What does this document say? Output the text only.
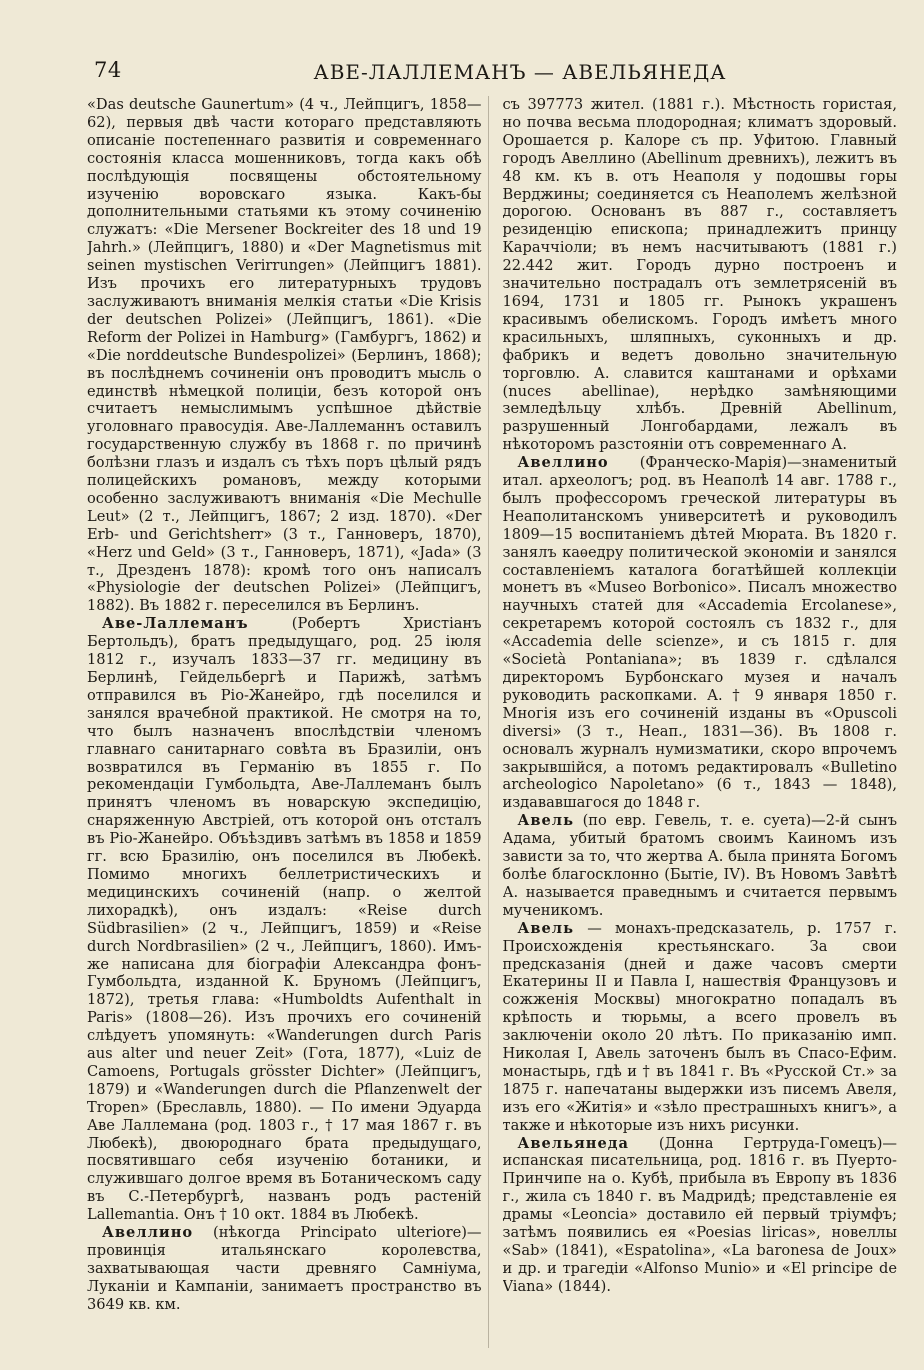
74	АВЕ-ЛАЛЛЕМАНЪ — АВЕЛЬЯНЕДА

«Das deutsche Gaunertum» (4 ч., Лейпцигъ, 1858—62), первыя двѣ части котораго представляють описаніе постепеннаго развитія и современнаго состоянія класса мошенниковъ, тогда какъ обѣ послѣдующія посвящены обстоятельному изученію воровскаго языка. Какъ-бы дополнительными статьями къ этому сочиненію служатъ: «Die Mersener Bockreiter des 18 und 19 Jahrh.» (Лейпцигъ, 1880) и «Der Magnetismus mit seinen mystischen Verirrungen» (Лейпцигъ 1881). Изъ прочихъ его литературныхъ трудовъ заслуживаютъ вниманія мелкія статьи «Die Krisis der deutschen Polizei» (Лейпцигъ, 1861). «Die Reform der Polizei in Hamburg» (Гамбургъ, 1862) и «Die norddeutsche Bundespolizei» (Берлинъ, 1868); въ послѣднемъ сочиненіи онъ проводитъ мысль о единствѣ нѣмецкой полиціи, безъ которой онъ считаетъ немыслимымъ успѣшное дѣйствіе уголовнаго правосудія. Аве-Лаллеманнъ оставилъ государственную службу въ 1868 г. по причинѣ болѣзни глазъ и издалъ съ тѣхъ поръ цѣлый рядъ полицейскихъ романовъ, между которыми особенно заслуживаютъ вниманія «Die Mechulle Leut» (2 т., Лейпцигъ, 1867; 2 изд. 1870). «Der Erb- und Gerichtsherr» (3 т., Ганноверъ, 1870), «Herz und Geld» (3 т., Ганноверъ, 1871), «Jada» (3 т., Дрезденъ 1878): кромѣ того онъ написалъ «Physiologie der deutschen Polizei» (Лейпцигъ, 1882). Въ 1882 г. переселился въ Берлинъ.

Аве-Лаллеманъ	(Робертъ Христіанъ Бертольдъ), братъ предыдущаго, род. 25 іюля 1812 г., изучалъ 1833—37 гг. медицину въ Берлинѣ, Гейдельбергѣ и Парижѣ, затѣмъ отправился въ Ріо-Жанейро, гдѣ поселился и занялся врачебной практикой. Не смотря на то, что былъ назначенъ впослѣдствіи членомъ главнаго санитарнаго совѣта въ Бразиліи, онъ возвратился въ Германію въ 1855 г. По рекомендаціи Гумбольдта, Аве-Лаллеманъ былъ принятъ членомъ въ новарскую экспедицію, снаряженную Австріей, отъ которой онъ отсталъ въ Ріо-Жанейро. Объѣздивъ затѣмъ въ 1858 и 1859 гг. всю Бразилію, онъ поселился въ Любекѣ. Помимо многихъ беллетристическихъ и медицинскихъ сочиненій (напр. о желтой лихорадкѣ), онъ издалъ: «Reise durch Südbrasilien» (2 ч., Лейпцигъ, 1859) и «Reise durch Nordbrasilien» (2 ч., Лейпцигъ, 1860). Имъ-же написана для біографіи Александра фонъ-Гумбольдта, изданной К. Бруномъ (Лейпцигъ, 1872), третья глава: «Humboldts Aufenthalt in Paris» (1808—26). Изъ прочихъ его сочиненій слѣдуетъ упомянуть: «Wanderungen durch Paris aus alter und neuer Zeit» (Гота, 1877), «Luiz de Camoens, Portugals grösster Dichter» (Лейпцигъ, 1879) и «Wanderungen durch die Pflanzenwelt der Tropen» (Бреславль, 1880). — По имени Эдуарда Аве Лаллемана (род. 1803 г., † 17 мая 1867 г. въ Любекѣ), двоюроднаго брата предыдущаго, посвятившаго себя изученію ботаники, и служившаго долгое время въ Ботаническомъ саду въ С.-Петербургѣ, названъ родъ растеній Lallemantia. Онъ † 10 окт. 1884 въ Любекѣ.

Авеллино (нѣкогда Principato ulteriore)— провинція итальянскаго королевства, захватывающая части древняго Самніума, Луканіи и Кампаніи, занимаетъ пространство въ 3649 кв. км.

съ 397773 жител. (1881 г.). Мѣстность гористая, но почва весьма плодородная; климатъ здоровый. Орошается р. Калоре съ пр. Уфитою. Главный городъ Авеллино (Abellinum древнихъ), лежитъ въ 48 км. къ в. отъ Неаполя у подошвы горы Верджины; соединяется съ Неаполемъ желѣзной дорогою. Основанъ въ 887 г., составляетъ резиденцію епископа; принадлежитъ принцу Караччіоли; въ немъ насчитываютъ (1881 г.) 22.442 жит. Городъ дурно построенъ и значительно пострадалъ отъ землетрясеній въ 1694, 1731 и 1805 гг. Рынокъ украшенъ красивымъ обелискомъ. Городъ имѣетъ много красильныхъ, шляпныхъ, суконныхъ и др. фабрикъ и ведетъ довольно значительную торговлю. А. славится каштанами и орѣхами (nuces abellinae), нерѣдко замѣняющими земледѣльцу хлѣбъ. Древній Abellinum, разрушенный Лонгобардами, лежалъ въ нѣкоторомъ разстояніи отъ современнаго А.

Авеллино (Франческо-Марія)—знаменитый итал. археологъ; род. въ Неаполѣ 14 авг. 1788 г., былъ профессоромъ греческой литературы въ Неаполитанскомъ университетѣ и руководилъ 1809—15 воспитаніемъ дѣтей Мюрата. Въ 1820 г. занялъ каѳедру политической экономіи и занялся составленіемъ каталога богатѣйшей коллекціи монетъ въ «Museo Borbonico». Писалъ множество научныхъ статей для «Accademia Ercolanese», секретаремъ которой состоялъ съ 1832 г., для «Accademia delle scienze», и съ 1815 г. для «Società Pontaniana»; въ 1839 г. сдѣлался директоромъ Бурбонскаго музея и началъ руководить раскопками. А. † 9 января 1850 г. Многія изъ его сочиненій изданы въ «Opuscoli diversi» (3 т., Неап., 1831—36). Въ 1808 г. основалъ журналъ нумизматики, скоро впрочемъ закрывшійся, а потомъ редактировалъ «Bulletino archeologico Napoletano» (6 т., 1843 — 1848), издававшагося до 1848 г.

Авель (по евр. Гевель, т. е. суета)—2-й сынъ Адама, убитый братомъ своимъ Каиномъ изъ зависти за то, что жертва А. была принята Богомъ болѣе благосклонно (Бытіе, IV). Въ Новомъ Завѣтѣ А. называется праведнымъ и считается первымъ мученикомъ.

Авель — монахъ-предсказатель, р. 1757 г. Происхожденія крестьянскаго. За свои предсказанія (дней и даже часовъ смерти Екатерины II и Павла I, нашествія Французовъ и сожженія Москвы) многократно попадалъ въ крѣпость и тюрьмы, а всего провелъ въ заключеніи около 20 лѣтъ. По приказанію имп. Николая I, Авель заточенъ былъ въ Спасо-Ефим. монастырь, гдѣ и † въ 1841 г. Въ «Русской Ст.» за 1875 г. напечатаны выдержки изъ писемъ Авеля, изъ его «Житія» и «зѣло престрашныхъ книгъ», а также и нѣкоторые изъ нихъ рисунки.

Авельянеда (Донна Гертруда-Гомецъ)— испанская писательница, род. 1816 г. въ Пуерто-Принчипе на о. Кубѣ, прибыла въ Европу въ 1836 г., жила съ 1840 г. въ Мадридѣ; представленіе ея драмы «Leoncia» доставило ей первый тріумфъ; затѣмъ появились ея «Poesias liricas», новеллы «Sab» (1841), «Espatolina», «La baronesa de Joux» и др. и трагедіи «Alfonso Munio» и «El principe de Viana» (1844).
